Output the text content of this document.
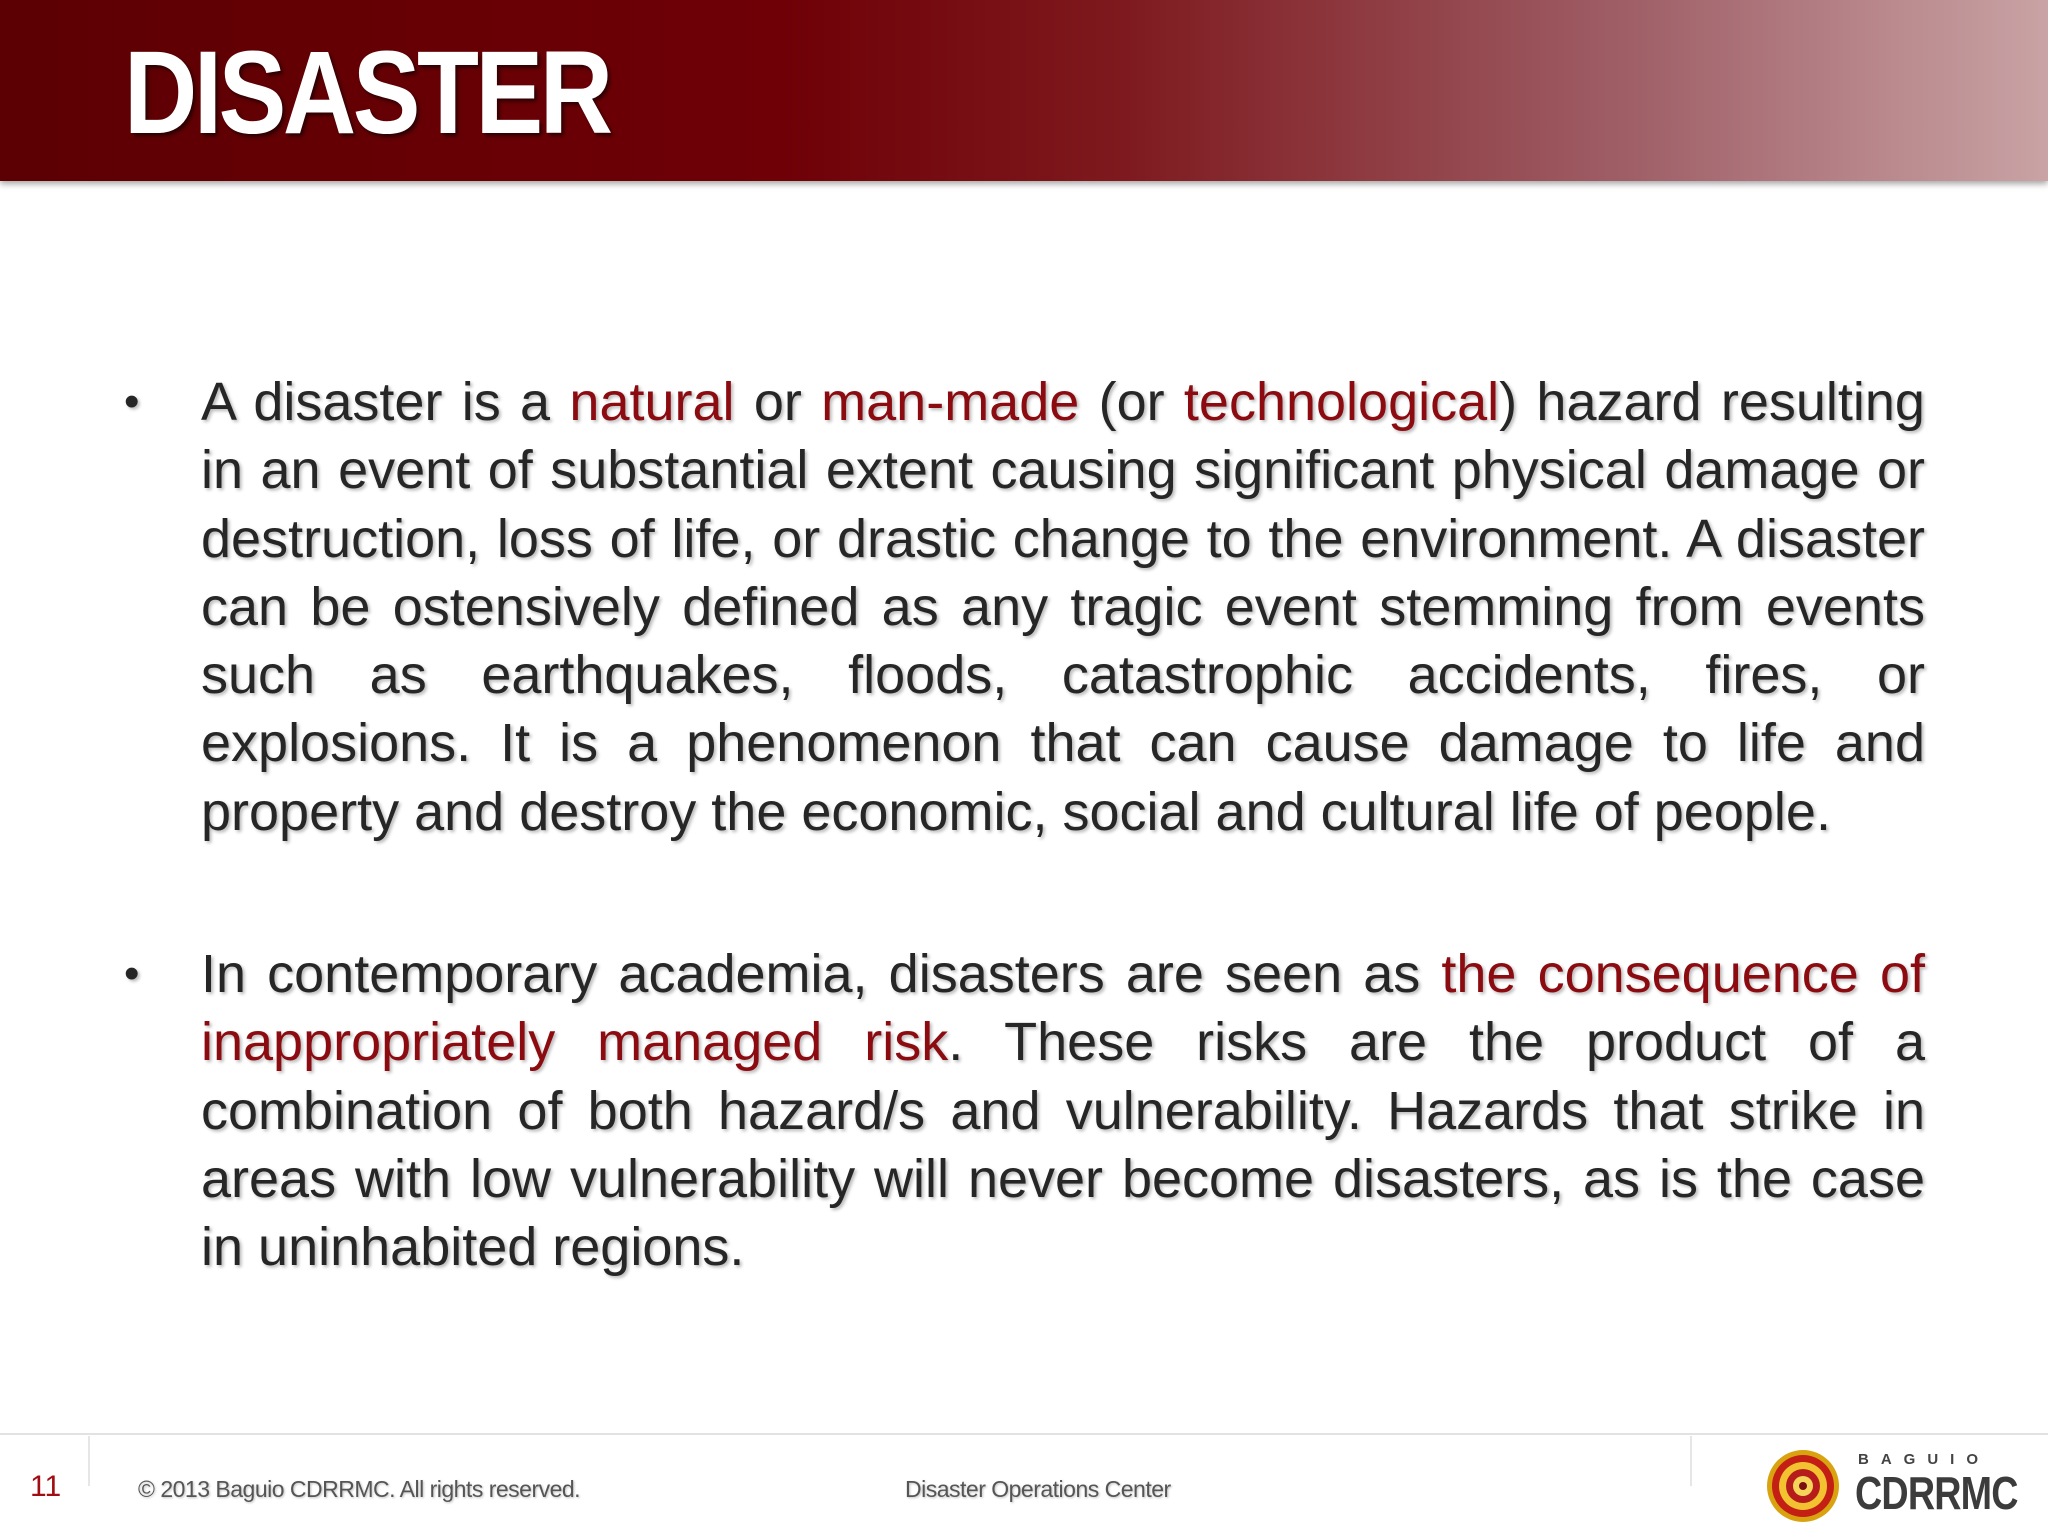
DISASTER
• A disaster is a natural or man-made (or technological) hazard resulting in an event of substantial extent causing significant physical damage or destruction, loss of life, or drastic change to the environment. A disaster can be ostensively defined as any tragic event stemming from events such as earthquakes, floods, catastrophic accidents, fires, or explosions. It is a phenomenon that can cause damage to life and property and destroy the economic, social and cultural life of people.
• In contemporary academia, disasters are seen as the consequence of inappropriately managed risk. These risks are the product of a combination of both hazard/s and vulnerability. Hazards that strike in areas with low vulnerability will never become disasters, as is the case in uninhabited regions.
11	© 2013 Baguio CDRRMC. All rights reserved.	Disaster Operations Center
BAGUIO
CDRRMC
